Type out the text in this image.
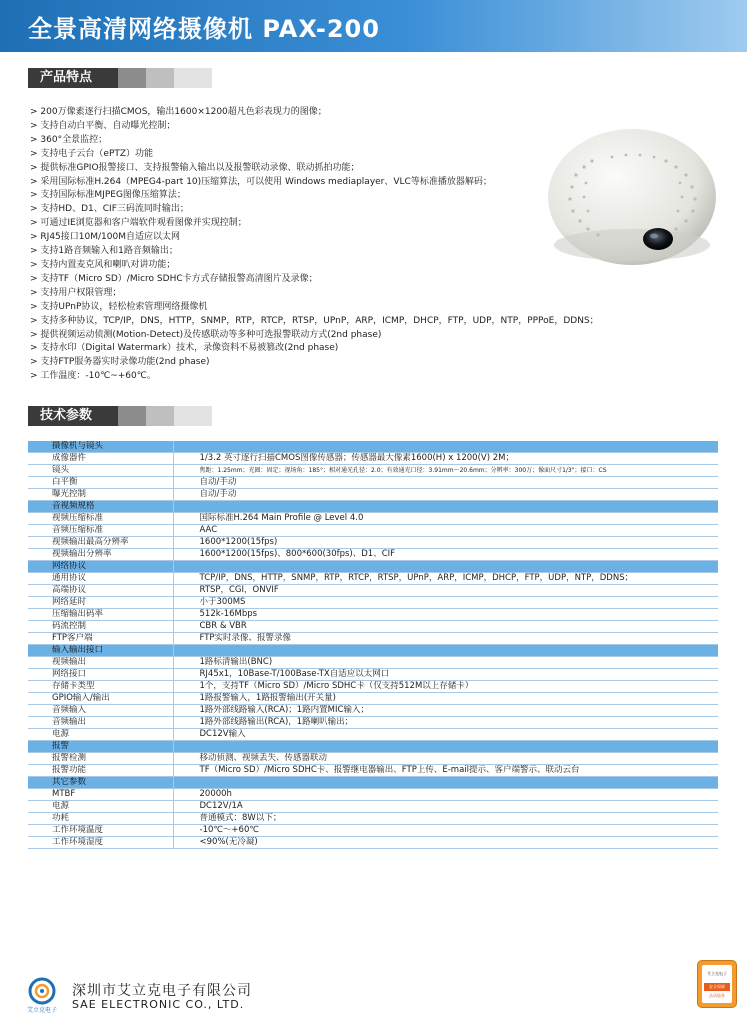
全景高清网络摄像机 PAX-200
产品特点
> 200万像素逐行扫描CMOS，输出1600×1200超凡色彩表现力的图像；
> 支持自动白平衡、自动曝光控制；
> 360°全景监控；
> 支持电子云台（ePTZ）功能
> 提供标准GPIO报警接口、支持报警输入输出以及报警联动录像、联动抓拍功能；
> 采用国际标准H.264（MPEG4-part 10)压缩算法，可以使用 Windows mediaplayer、VLC等标准播放器解码；
> 支持国际标准MJPEG图像压缩算法；
> 支持HD、D1、CIF三码流同时输出；
> 可通过IE浏览器和客户端软件观看图像并实现控制；
> RJ45接口10M/100M自适应以太网
> 支持1路音频输入和1路音频输出；
> 支持内置麦克风和喇叭对讲功能；
> 支持TF（Micro SD）/Micro SDHC卡方式存储报警高清图片及录像；
> 支持用户权限管理；
> 支持UPnP协议，轻松检索管理网络摄像机
> 支持多种协议，TCP/IP，DNS，HTTP，SNMP，RTP，RTCP，RTSP，UPnP，ARP，ICMP，DHCP，FTP，UDP，NTP，PPPoE，DDNS；
> 提供视频运动侦测(Motion-Detect)及传感联动等多种可选报警联动方式(2nd phase)
> 支持水印（Digital Watermark）技术，录像资料不易被篡改(2nd phase)
> 支持FTP服务器实时录像功能(2nd phase)
> 工作温度：-10℃~+60℃。
技术参数
摄像机与镜头	
成像器件	1/3.2 英寸逐行扫描CMOS图像传感器；传感器最大像素1600(H) x 1200(V) 2M；
镜头	焦距：1.25mm；光圈：固定；视场角：185°；相对通光孔径：2.0；有效通光口径：3.91mm～20.6mm；分辨率：300万；像面尺寸1/3"；接口：CS
白平衡	自动/手动
曝光控制	自动/手动
音视频规格	
视频压缩标准	国际标准H.264 Main Profile @ Level 4.0
音频压缩标准	AAC
视频输出最高分辨率	1600*1200(15fps)
视频输出分辨率	1600*1200(15fps)、800*600(30fps)、D1、CIF
网络协议	
通用协议	TCP/IP，DNS，HTTP，SNMP，RTP，RTCP，RTSP，UPnP，ARP，ICMP，DHCP，FTP，UDP，NTP，DDNS；
高端协议	RTSP，CGI，ONVIF
网络延时	小于300MS
压缩输出码率	512k-16Mbps
码流控制	CBR & VBR
FTP客户端	FTP实时录像、报警录像
输入输出接口	
视频输出	1路标清输出(BNC)
网络接口	RJ45x1，10Base-T/100Base-TX自适应以太网口
存储卡类型	1个，支持TF（Micro SD）/Micro SDHC卡（仅支持512M以上存储卡）
GPIO输入/输出	1路报警输入，1路报警输出(开关量)
音频输入	1路外部线路输入(RCA)；1路内置MIC输入；
音频输出	1路外部线路输出(RCA)，1路喇叭输出；
电源	DC12V输入
报警	
报警检测	移动侦测、视频丢失、传感器联动
报警功能	TF（Micro SD）/Micro SDHC卡、报警继电器输出、FTP上传、E-mail提示、客户端警示、联动云台
其它参数	
MTBF	20000h
电源	DC12V/1A
功耗	普通模式：8W以下；
工作环境温度	-10℃～+60℃
工作环境湿度	<90%(无冷凝)
艾立克电子
深圳市艾立克电子有限公司
SAE ELECTRONIC CO., LTD.
艾立克电子
安全保障
品质服务
